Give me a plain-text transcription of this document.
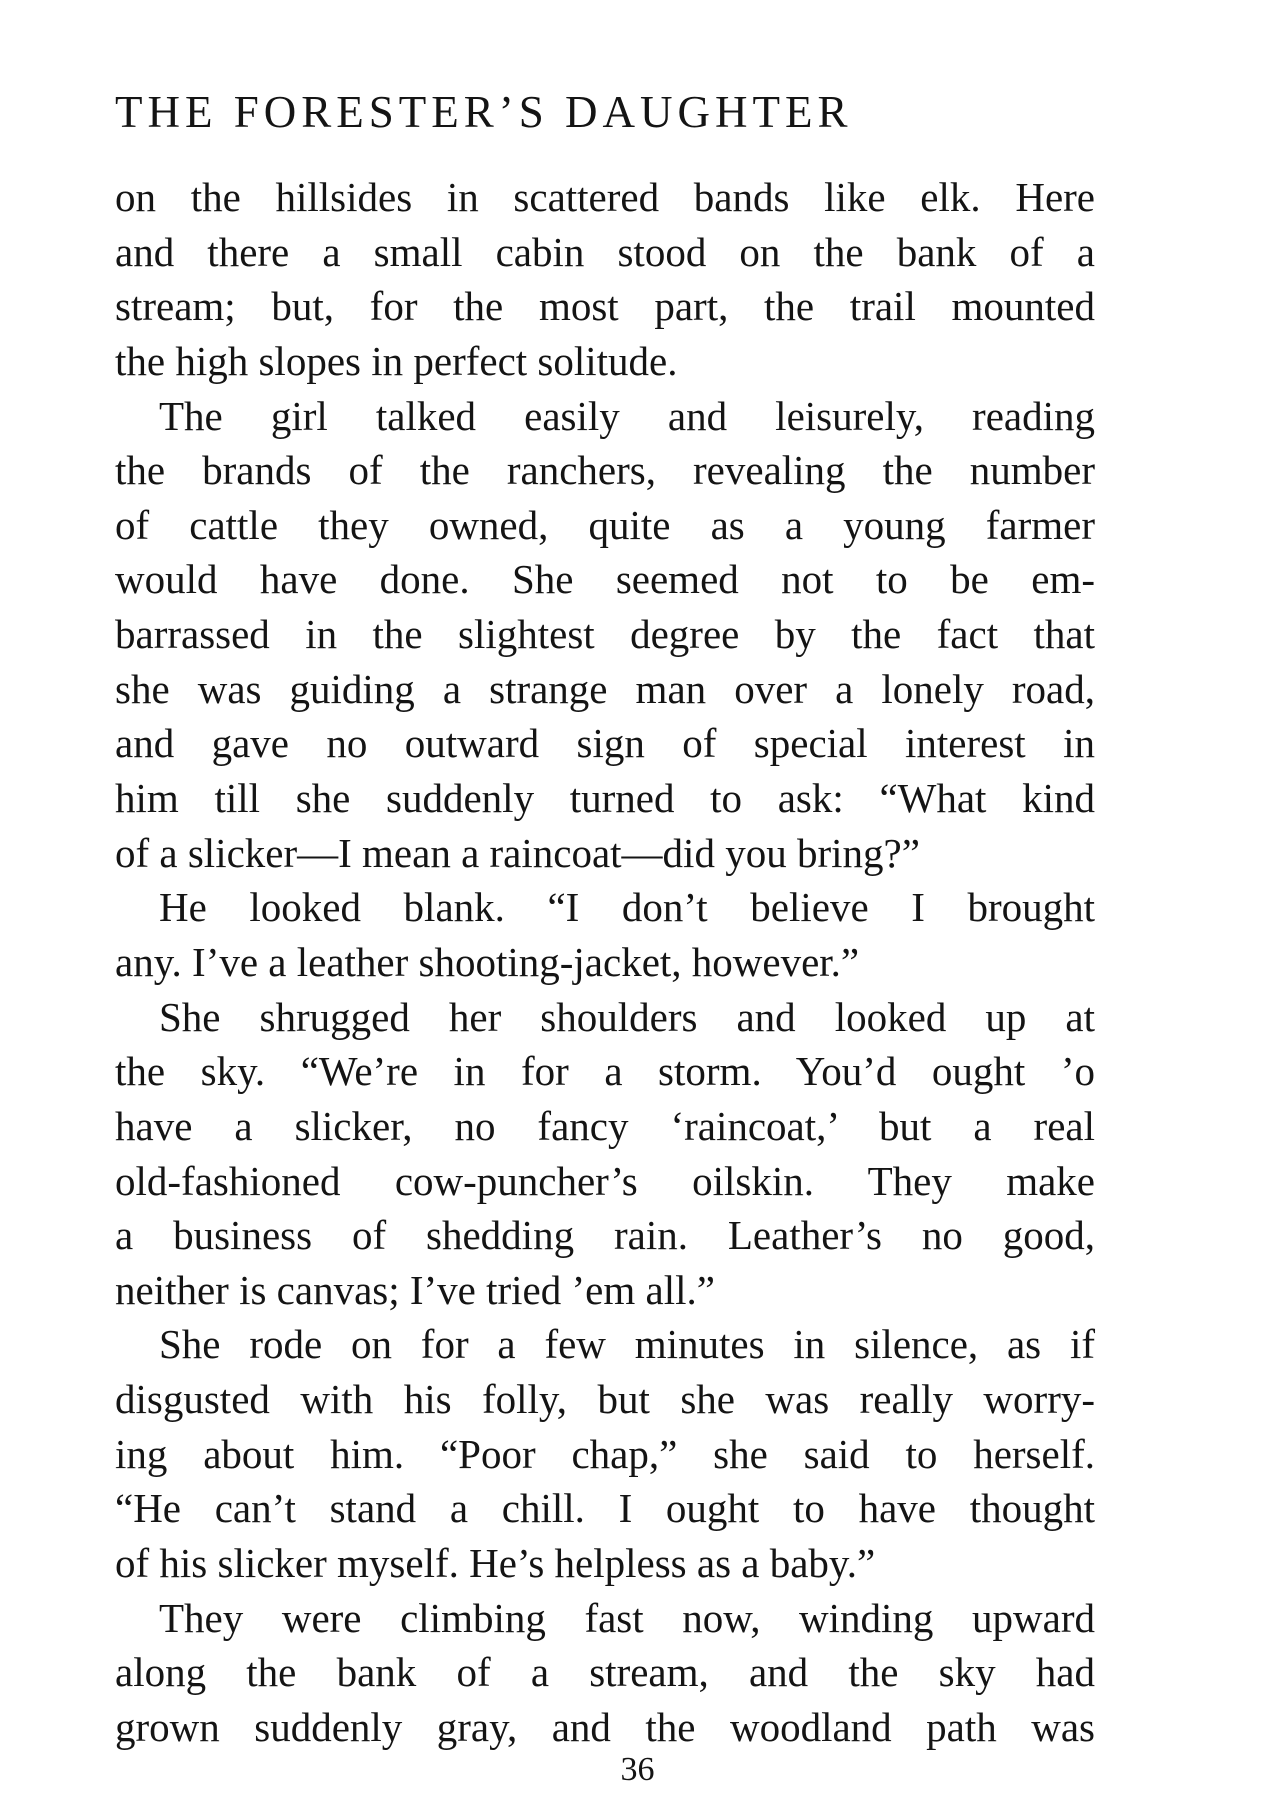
THE FORESTER’S DAUGHTER
on the hillsides in scattered bands like elk. Here
and there a small cabin stood on the bank of a
stream; but, for the most part, the trail mounted
the high slopes in perfect solitude.
The girl talked easily and leisurely, reading
the brands of the ranchers, revealing the number
of cattle they owned, quite as a young farmer
would have done. She seemed not to be em-
barrassed in the slightest degree by the fact that
she was guiding a strange man over a lonely road,
and gave no outward sign of special interest in
him till she suddenly turned to ask: “What kind
of a slicker—I mean a raincoat—did you bring?”
He looked blank. “I don’t believe I brought
any. I’ve a leather shooting-jacket, however.”
She shrugged her shoulders and looked up at
the sky. “We’re in for a storm. You’d ought ’o
have a slicker, no fancy ‘raincoat,’ but a real
old-fashioned cow-puncher’s oilskin. They make
a business of shedding rain. Leather’s no good,
neither is canvas; I’ve tried ’em all.”
She rode on for a few minutes in silence, as if
disgusted with his folly, but she was really worry-
ing about him. “Poor chap,” she said to herself.
“He can’t stand a chill. I ought to have thought
of his slicker myself. He’s helpless as a baby.”
They were climbing fast now, winding upward
along the bank of a stream, and the sky had
grown suddenly gray, and the woodland path was
36
